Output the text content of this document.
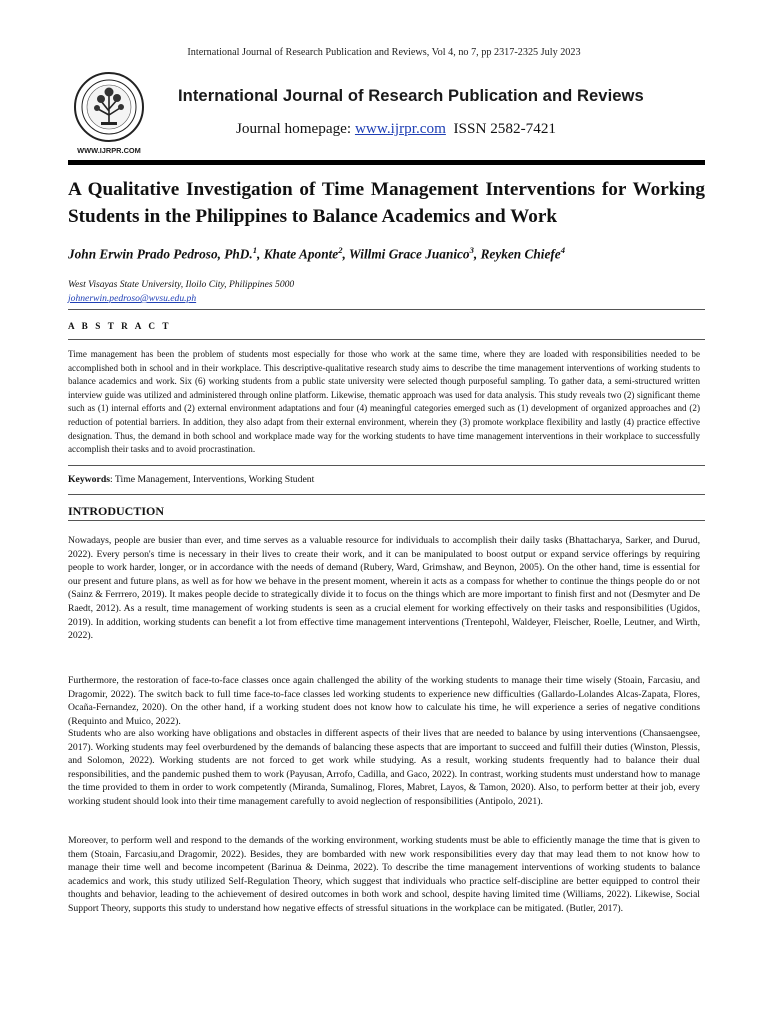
International Journal of Research Publication and Reviews, Vol 4, no 7, pp 2317-2325 July 2023
WWW.IJRPR.COM
International Journal of Research Publication and Reviews
Journal homepage: www.ijrpr.com ISSN 2582-7421
A Qualitative Investigation of Time Management Interventions for Working Students in the Philippines to Balance Academics and Work
John Erwin Prado Pedroso, PhD.$^1$, Khate Aponte$^2$, Willmi Grace Juanico$^3$, Reyken Chiefe$^4$
West Visayas State University, Iloilo City, Philippines 5000
johnerwin.pedroso@wvsu.edu.ph
A B S T R A C T
Time management has been the problem of students most especially for those who work at the same time, where they are loaded with responsibilities needed to be accomplished both in school and in their workplace. This descriptive-qualitative research study aims to describe the time management interventions of working students to balance academics and work. Six (6) working students from a public state university were selected though purposeful sampling. To gather data, a semi-structured written interview guide was utilized and administered through online platform. Likewise, thematic approach was used for data analysis. This study reveals two (2) significant theme such as (1) internal efforts and (2) external environment adaptations and four (4) meaningful categories emerged such as (1) development of organized approaches and (2) reduction of potential barriers. In addition, they also adapt from their external environment, wherein they (3) promote workplace flexibility and lastly (4) practice effective designation. Thus, the demand in both school and workplace made way for the working students to have time management interventions in their workplace to successfully accomplish their tasks and to avoid procrastination.
Keywords: Time Management, Interventions, Working Student
INTRODUCTION
Nowadays, people are busier than ever, and time serves as a valuable resource for individuals to accomplish their daily tasks (Bhattacharya, Sarker, and Durud, 2022). Every person's time is necessary in their lives to create their work, and it can be manipulated to boost output or expand service offerings by requiring people to work harder, longer, or in accordance with the needs of demand (Rubery, Ward, Grimshaw, and Beynon, 2005). On the other hand, time is essential for our present and future plans, as well as for how we behave in the present moment, wherein it acts as a compass for whether to continue the things people do or not (Sainz & Ferrrero, 2019). It makes people decide to strategically divide it to focus on the things which are more important to finish first and not (Desmyter and De Raedt, 2012). As a result, time management of working students is seen as a crucial element for working effectively on their tasks and responsibilities (Ugidos, 2019). In addition, working students can benefit a lot from effective time management interventions (Trentepohl, Waldeyer, Fleischer, Roelle, Leutner, and Wirth, 2022).
Furthermore, the restoration of face-to-face classes once again challenged the ability of the working students to manage their time wisely (Stoain, Farcasiu, and Dragomir, 2022). The switch back to full time face-to-face classes led working students to experience new difficulties (Gallardo-Lolandes Alcas-Zapata, Flores, Ocaña-Fernandez, 2020). On the other hand, if a working student does not know how to calculate his time, he will experience a series of negative conditions (Requinto and Muico, 2022).
Students who are also working have obligations and obstacles in different aspects of their lives that are needed to balance by using interventions (Chansaengsee, 2017). Working students may feel overburdened by the demands of balancing these aspects that are important to succeed and fulfill their duties (Winston, Plessis, and Solomon, 2022). Working students are not forced to get work while studying. As a result, working students frequently had to balance their dual responsibilities, and the pandemic pushed them to work (Payusan, Arrofo, Cadilla, and Gaco, 2022). In contrast, working students must understand how to manage the time provided to them in order to work competently (Miranda, Sumalinog, Flores, Mabret, Layos, & Tamon, 2020). Also, to perform better at their job, every working student should look into their time management carefully to avoid neglection of responsibilities (Antipolo, 2021).
Moreover, to perform well and respond to the demands of the working environment, working students must be able to efficiently manage the time that is given to them (Stoain, Farcasiu,and Dragomir, 2022). Besides, they are bombarded with new work responsibilities every day that may lead them to not know how to manage their time well and become incompetent (Barinua & Deinma, 2022). To describe the time management interventions of working students to balance academics and work, this study utilized Self-Regulation Theory, which suggest that individuals who practice self-discipline are better equipped to control their thoughts and behavior, leading to the achievement of desired outcomes in both work and school, despite having limited time (Williams, 2022). Likewise, Social Support Theory, supports this study to understand how negative effects of stressful situations in the workplace can be mitigated. (Butler, 2017).
